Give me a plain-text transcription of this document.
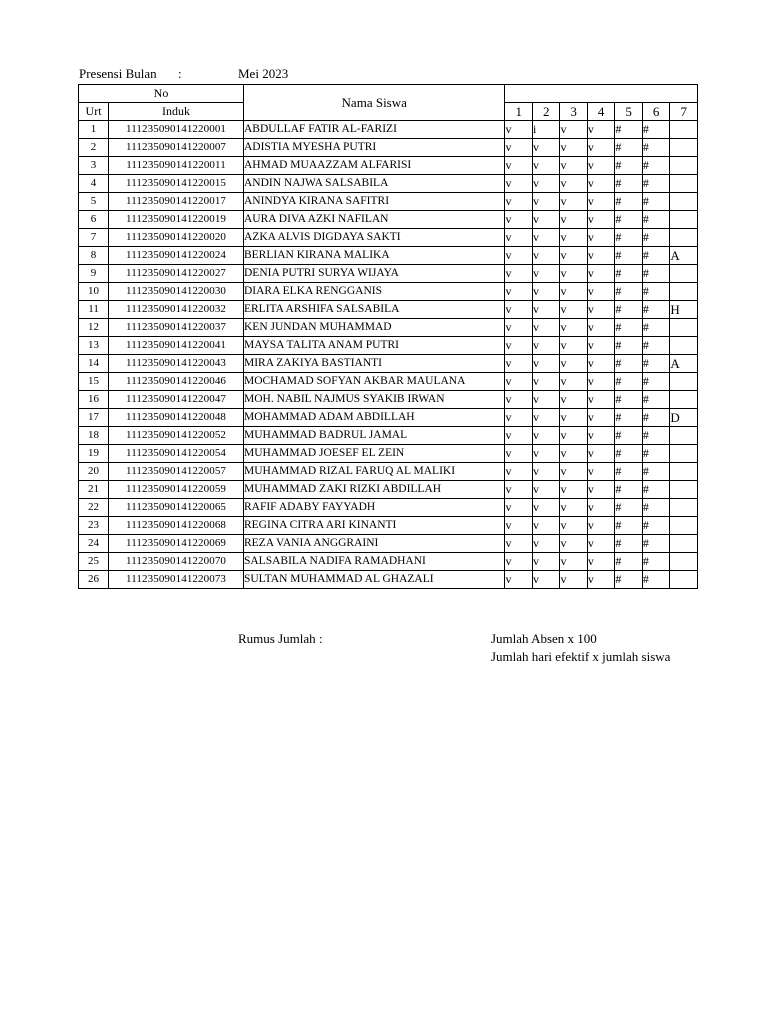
Presensi Bulan :	Mei 2023
No		Nama Siswa							
Urt	Induk		1	2	3	4	5	6	7
1	111235090141220001	ABDULLAF FATIR AL-FARIZI	v	i	v	v	#	#	
2	111235090141220007	ADISTIA MYESHA PUTRI	v	v	v	v	#	#	
3	111235090141220011	AHMAD MUAAZZAM ALFARISI	v	v	v	v	#	#	
4	111235090141220015	ANDIN NAJWA SALSABILA	v	v	v	v	#	#	
5	111235090141220017	ANINDYA KIRANA SAFITRI	v	v	v	v	#	#	
6	111235090141220019	AURA DIVA AZKI NAFILAN	v	v	v	v	#	#	
7	111235090141220020	AZKA ALVIS DIGDAYA SAKTI	v	v	v	v	#	#	
8	111235090141220024	BERLIAN KIRANA MALIKA	v	v	v	v	#	#	A
9	111235090141220027	DENIA PUTRI SURYA WIJAYA	v	v	v	v	#	#	
10	111235090141220030	DIARA ELKA RENGGANIS	v	v	v	v	#	#	
11	111235090141220032	ERLITA ARSHIFA SALSABILA	v	v	v	v	#	#	H
12	111235090141220037	KEN JUNDAN MUHAMMAD	v	v	v	v	#	#	
13	111235090141220041	MAYSA TALITA ANAM PUTRI	v	v	v	v	#	#	
14	111235090141220043	MIRA ZAKIYA BASTIANTI	v	v	v	v	#	#	A
15	111235090141220046	MOCHAMAD SOFYAN AKBAR MAULANA	v	v	v	v	#	#	
16	111235090141220047	MOH. NABIL NAJMUS SYAKIB IRWAN	v	v	v	v	#	#	
17	111235090141220048	MOHAMMAD ADAM ABDILLAH	v	v	v	v	#	#	D
18	111235090141220052	MUHAMMAD BADRUL JAMAL	v	v	v	v	#	#	
19	111235090141220054	MUHAMMAD JOESEF EL ZEIN	v	v	v	v	#	#	
20	111235090141220057	MUHAMMAD RIZAL FARUQ AL MALIKI	v	v	v	v	#	#	
21	111235090141220059	MUHAMMAD ZAKI RIZKI ABDILLAH	v	v	v	v	#	#	
22	111235090141220065	RAFIF ADABY FAYYADH	v	v	v	v	#	#	
23	111235090141220068	REGINA CITRA ARI KINANTI	v	v	v	v	#	#	
24	111235090141220069	REZA VANIA ANGGRAINI	v	v	v	v	#	#	
25	111235090141220070	SALSABILA NADIFA RAMADHANI	v	v	v	v	#	#	
26	111235090141220073	SULTAN MUHAMMAD AL GHAZALI	v	v	v	v	#	#	
Rumus Jumlah :	Jumlah Absen x 100
Jumlah hari efektif x jumlah siswa
